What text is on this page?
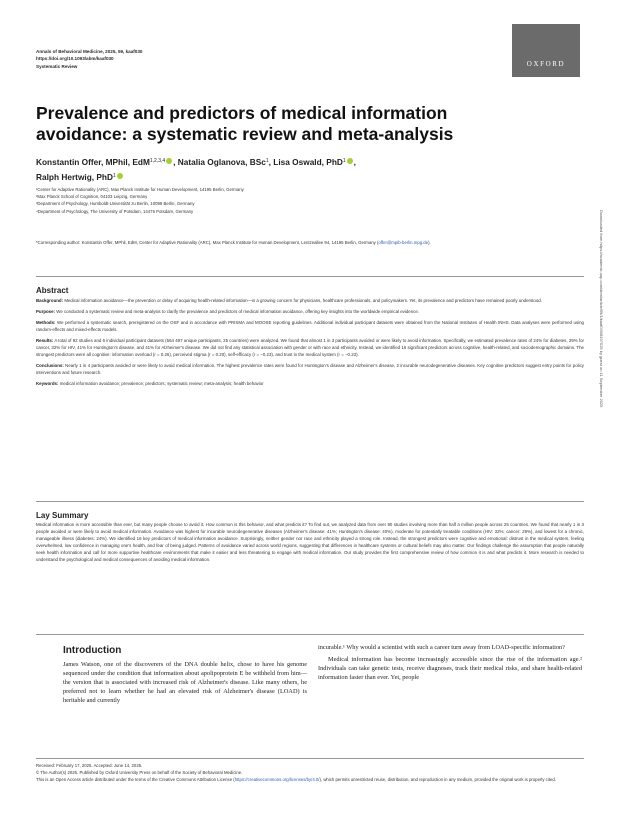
Annals of Behavioral Medicine, 2025, 59, kaaf030
https://doi.org/10.1093/abm/kaaf030
Systematic Review	OXFORD
Prevalence and predictors of medical information avoidance: a systematic review and meta-analysis
Konstantin Offer, MPhil, EdM$^{1,2,3,4}$ , Natalia Oglanova, BSc$^1$, Lisa Oswald, PhD$^1$ ,
Ralph Hertwig, PhD$^1$
¹Center for Adaptive Rationality (ARC), Max Planck Institute for Human Development, 14195 Berlin, Germany
²Max Planck School of Cognition, 04103 Leipzig, Germany
³Department of Psychology, Humboldt-Universität zu Berlin, 10099 Berlin, Germany
⁴Department of Psychology, The University of Potsdam, 14476 Potsdam, Germany
*Corresponding author: Konstantin Offer, MPhil, EdM, Center for Adaptive Rationality (ARC), Max Planck Institute for Human Development, Lentzeallee 94, 14195 Berlin, Germany (offer@mpib-berlin.mpg.de).
Abstract

Background: Medical information avoidance—the prevention or delay of acquiring health-related information—is a growing concern for physicians, healthcare professionals, and policymakers. Yet, its prevalence and predictors have remained poorly understood.

Purpose: We conducted a systematic review and meta-analysis to clarify the prevalence and predictors of medical information avoidance, offering key insights into the worldwide empirical evidence.

Methods: We performed a systematic search, preregistered on the OSF and in accordance with PRISMA and MOOSE reporting guidelines. Additional individual participant datasets were obtained from the National Institutes of Health INHS. Data analyses were performed using random-effects and mixed-effects models.

Results: A total of 92 studies and 6 individual participant datasets (564 497 unique participants, 25 countries) were analyzed. We found that almost 1 in 3 participants avoided or were likely to avoid information. Specifically, we estimated prevalence rates of 24% for diabetes, 29% for cancer, 32% for HIV, 41% for Huntington's disease, and 41% for Alzheimer's disease. We did not find any statistical association with gender or with race and ethnicity. Instead, we identified 16 significant predictors across cognitive, health-related, and sociodemographic domains. The strongest predictors were all cognitive: information overload (r = 0.26), perceived stigma (r = 0.20), self-efficacy (r = −0.23), and trust in the medical system (r = −0.23).

Conclusions: Nearly 1 in 4 participants avoided or were likely to avoid medical information. The highest prevalence rates were found for Huntington's disease and Alzheimer's disease, 2 incurable neurodegenerative diseases. Key cognitive predictors suggest entry points for policy interventions and future research.

Keywords: medical information avoidance; prevalence; predictors; systematic review; meta-analysis; health behavior

Lay Summary

Medical information is more accessible than ever, but many people choose to avoid it. How common is this behavior, and what predicts it? To find out, we analyzed data from over 90 studies involving more than half a million people across 25 countries. We found that nearly 1 in 3 people avoided or were likely to avoid medical information. Avoidance was highest for incurable neurodegenerative diseases (Alzheimer's disease: 41%; Huntington's disease: 40%), moderate for potentially treatable conditions (HIV: 32%; cancer: 29%), and lowest for a chronic, manageable illness (diabetes: 24%). We identified 16 key predictors of medical information avoidance. Surprisingly, neither gender nor race and ethnicity played a strong role. Instead, the strongest predictors were cognitive and emotional: distrust in the medical system, feeling overwhelmed, low confidence in managing one's health, and fear of being judged. Patterns of avoidance varied across world regions, suggesting that differences in healthcare systems or cultural beliefs may also matter. Our findings challenge the assumption that people naturally seek health information and call for more supportive healthcare environments that make it easier and less threatening to engage with medical information. Our study provides the first comprehensive review of how common it is and what predicts it. More research is needed to understand the psychological and medical consequences of avoiding medical information.

Introduction

James Watson, one of the discoverers of the DNA double helix, chose to have his genome sequenced under the condition that information about apolipoprotein E be withheld from him—the version that is associated with increased risk of Alzheimer's disease. Like many others, he preferred not to learn whether he had an elevated risk of Alzheimer's disease (LOAD) is heritable and currently

incurable.¹ Why would a scientist with such a career turn away from LOAD-specific information?

Medical information has become increasingly accessible since the rise of the information age.² Individuals can take genetic tests, receive diagnoses, track their medical risks, and share health-related information faster than ever. Yet, people

Received: February 17, 2025. Accepted: June 14, 2025.
© The Author(s) 2025. Published by Oxford University Press on behalf of the Society of Behavioral Medicine.
This is an Open Access article distributed under the terms of the Creative Commons Attribution License (https://creativecommons.org/licenses/by/4.0/), which permits unrestricted reuse, distribution, and reproduction in any medium, provided the original work is properly cited.
Downloaded from https://academic.oup.com/abm/article/59/1/kaaf030/8197025 by guest on 11 September 2025
